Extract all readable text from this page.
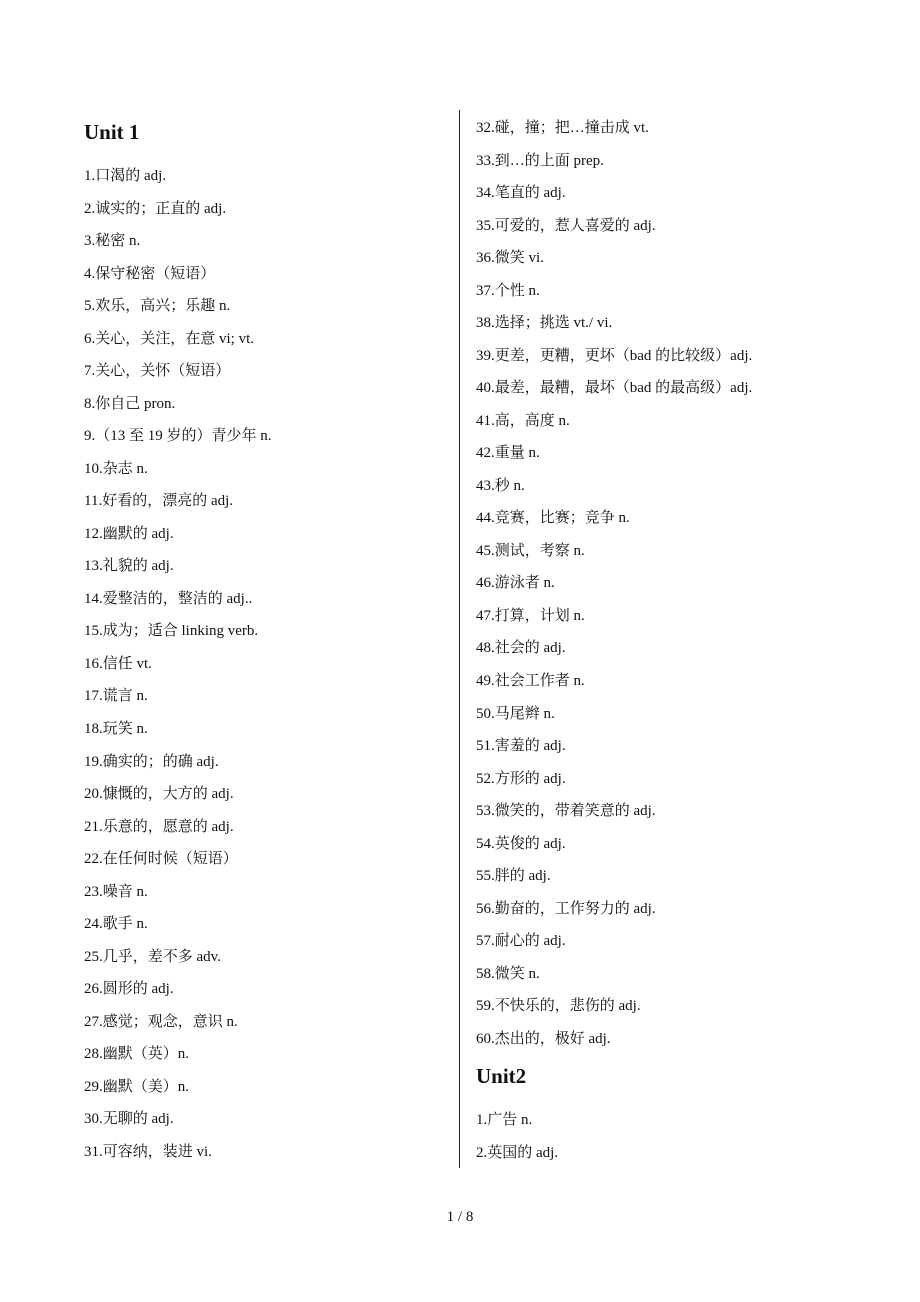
Unit 1
1.口渴的 adj.
2.诚实的；正直的 adj.
3.秘密 n.
4.保守秘密（短语）
5.欢乐，高兴；乐趣 n.
6.关心，关注，在意 vi; vt.
7.关心，关怀（短语）
8.你自己 pron.
9.（13 至 19 岁的）青少年 n.
10.杂志 n.
11.好看的，漂亮的 adj.
12.幽默的 adj.
13.礼貌的 adj.
14.爱整洁的，整洁的 adj..
15.成为；适合 linking verb.
16.信任 vt.
17.谎言 n.
18.玩笑 n.
19.确实的；的确 adj.
20.慷慨的，大方的 adj.
21.乐意的，愿意的 adj.
22.在任何时候（短语）
23.噪音 n.
24.歌手 n.
25.几乎，差不多 adv.
26.圆形的 adj.
27.感觉；观念，意识 n.
28.幽默（英）n.
29.幽默（美）n.
30.无聊的 adj.
31.可容纳，装进 vi.
32.碰，撞；把…撞击成 vt.
33.到…的上面 prep.
34.笔直的 adj.
35.可爱的，惹人喜爱的 adj.
36.微笑 vi.
37.个性 n.
38.选择；挑选 vt./ vi.
39.更差，更糟，更坏（bad 的比较级）adj.
40.最差，最糟，最坏（bad 的最高级）adj.
41.高，高度 n.
42.重量 n.
43.秒 n.
44.竞赛，比赛；竞争 n.
45.测试，考察 n.
46.游泳者 n.
47.打算，计划 n.
48.社会的 adj.
49.社会工作者 n.
50.马尾辫 n.
51.害羞的 adj.
52.方形的 adj.
53.微笑的，带着笑意的 adj.
54.英俊的 adj.
55.胖的 adj.
56.勤奋的，工作努力的 adj.
57.耐心的 adj.
58.微笑 n.
59.不快乐的，悲伤的 adj.
60.杰出的，极好 adj.
Unit2
1.广告 n.
2.英国的 adj.
1 / 8
